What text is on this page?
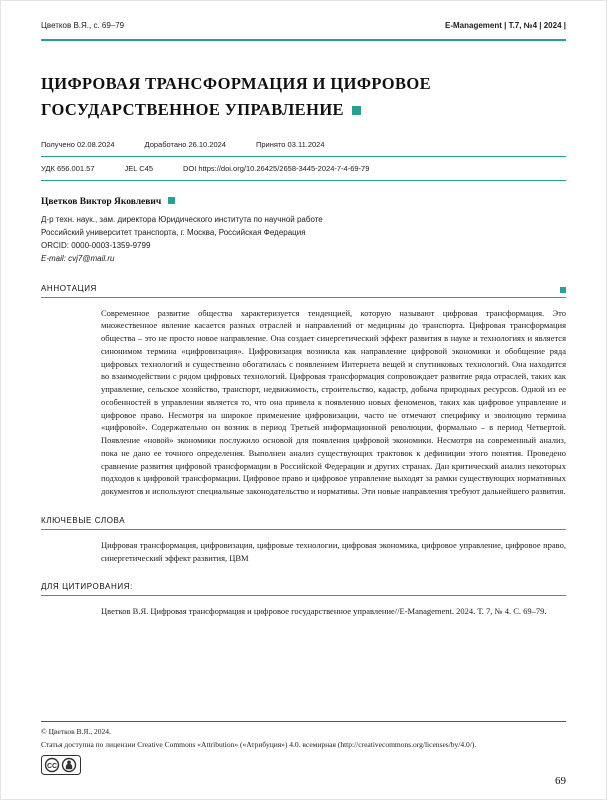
Цветков В.Я., с. 69–79	E-Management | Т.7, №4 | 2024 |
ЦИФРОВАЯ ТРАНСФОРМАЦИЯ И ЦИФРОВОЕ ГОСУДАРСТВЕННОЕ УПРАВЛЕНИЕ
Получено 02.08.2024	Доработано 26.10.2024	Принято 03.11.2024
УДК 656.001.57	JEL C45	DOI https://doi.org/10.26425/2658-3445-2024-7-4-69-79
Цветков Виктор Яковлевич
Д-р техн. наук., зам. директора Юридического института по научной работе
Российский университет транспорта, г. Москва, Российская Федерация
ORCID: 0000-0003-1359-9799
E-mail: cvj7@mail.ru
АННОТАЦИЯ

Современное развитие общества характеризуется тенденцией, которую называют цифровая трансформация. Это множественное явление касается разных отраслей и направлений от медицины до транспорта. Цифровая трансформация общества – это не просто новое направление. Она создает синергетический эффект развития в науке и технологиях и является синонимом термина «цифровизация». Цифровизация возникла как направление цифровой экономики и обобщение ряда цифровых технологий и существенно обогатилась с появлением Интернета вещей и спутниковых технологий. Она находится во взаимодействии с рядом цифровых технологий. Цифровая трансформация сопровождает развитие ряда отраслей, таких как управление, сельское хозяйство, транспорт, недвижимость, строительство, кадастр, добыча природных ресурсов. Одной из ее особенностей в управлении является то, что она привела к появлению новых феноменов, таких как цифровое управление и цифровое право. Несмотря на широкое применение цифровизации, часто не отмечают специфику и эволюцию термина «цифровой». Содержательно он возник в период Третьей информационной революции, формально – в период Четвертой. Появление «новой» экономики послужило основой для появления цифровой экономики. Несмотря на современный анализ, пока не дано ее точного определения. Выполнен анализ существующих трактовок к дефиниции этого понятия. Проведено сравнение развития цифровой трансформации в Российской Федерации и других странах. Дан критический анализ некоторых подходов к цифровой трансформации. Цифровое право и цифровое управление выходят за рамки существующих нормативных документов и используют специальные законодательство и нормативы. Эти новые направления требуют дальнейшего развития.

КЛЮЧЕВЫЕ СЛОВА

Цифровая трансформация, цифровизация, цифровые технологии, цифровая экономика, цифровое управление, цифровое право, синергетический эффект развития, ЦВМ

ДЛЯ ЦИТИРОВАНИЯ:

Цветков В.Я. Цифровая трансформация и цифровое государственное управление//E-Management. 2024. Т. 7, № 4. С. 69–79.

© Цветков В.Я., 2024.
Статья доступна по лицензии Creative Commons «Attribution» («Атрибуция») 4.0. всемирная (http://creativecommons.org/licenses/by/4.0/).
CC
69
